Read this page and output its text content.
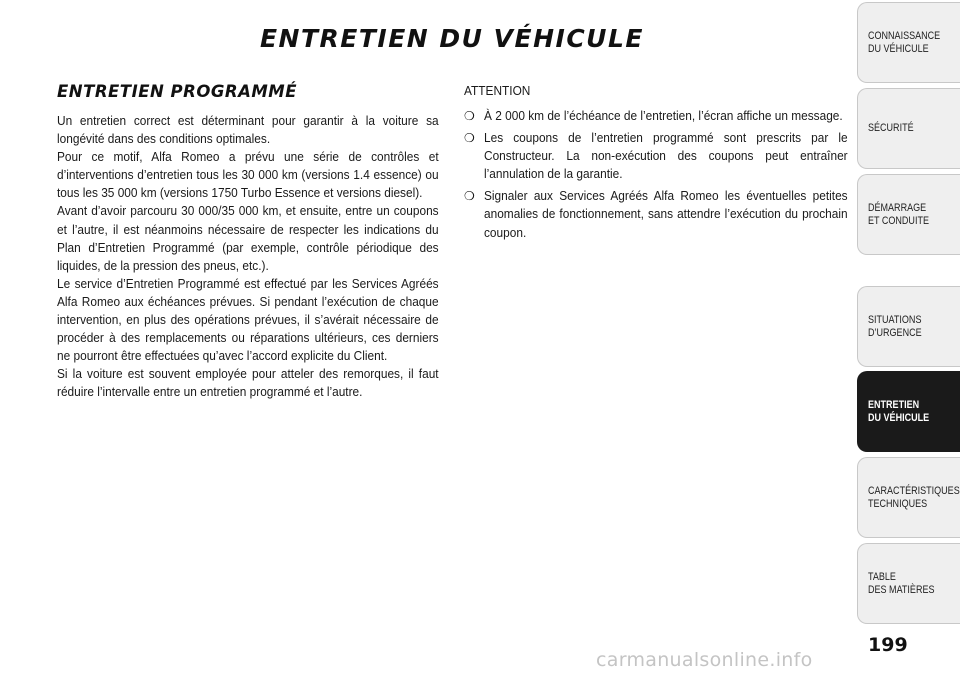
ENTRETIEN DU VÉHICULE
ENTRETIEN PROGRAMMÉ

Un entretien correct est déterminant pour garantir à la voiture sa longévité dans des conditions optimales.

Pour ce motif, Alfa Romeo a prévu une série de contrôles et d’interventions d’entretien tous les 30 000 km (versions 1.4 essence) ou tous les 35 000 km (versions 1750 Turbo Essence et versions diesel).

Avant d’avoir parcouru 30 000/35 000 km, et ensuite, entre un coupons et l’autre, il est néanmoins nécessaire de respecter les indications du Plan d’Entretien Programmé (par exemple, contrôle périodique des liquides, de la pression des pneus, etc.).

Le service d’Entretien Programmé est effectué par les Services Agréés Alfa Romeo aux échéances prévues. Si pendant l’exécution de chaque intervention, en plus des opérations prévues, il s’avérait nécessaire de procéder à des remplacements ou réparations ultérieurs, ces derniers ne pourront être effectuées qu’avec l’accord explicite du Client.

Si la voiture est souvent employée pour atteler des remorques, il faut réduire l’intervalle entre un entretien programmé et l’autre.

ATTENTION
❍ À 2 000 km de l’échéance de l’entretien, l’écran affiche un message.
❍ Les coupons de l’entretien programmé sont prescrits par le Constructeur. La non-exécution des coupons peut entraîner l’annulation de la garantie.
❍ Signaler aux Services Agréés Alfa Romeo les éventuelles petites anomalies de fonctionnement, sans attendre l’exécution du prochain coupon.
CONNAISSANCE
DU VÉHICULE
SÉCURITÉ
DÉMARRAGE
ET CONDUITE
SITUATIONS
D’URGENCE
ENTRETIEN
DU VÉHICULE
CARACTÉRISTIQUES
TECHNIQUES
TABLE
DES MATIÈRES
199
carmanualsonline.info
